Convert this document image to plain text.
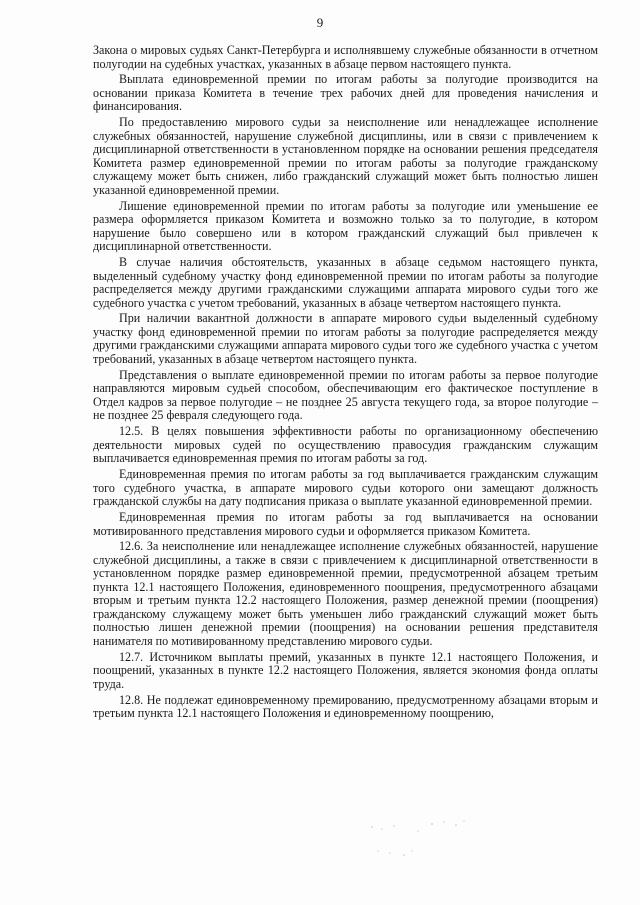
9

Закона о мировых судьях Санкт-Петербурга и исполнявшему служебные обязанности в отчетном полугодии на судебных участках, указанных в абзаце первом настоящего пункта.

Выплата единовременной премии по итогам работы за полугодие производится на основании приказа Комитета в течение трех рабочих дней для проведения начисления и финансирования.

По предоставлению мирового судьи за неисполнение или ненадлежащее исполнение служебных обязанностей, нарушение служебной дисциплины, или в связи с привлечением к дисциплинарной ответственности в установленном порядке на основании решения председателя Комитета размер единовременной премии по итогам работы за полугодие гражданскому служащему может быть снижен, либо гражданский служащий может быть полностью лишен указанной единовременной премии.

Лишение единовременной премии по итогам работы за полугодие или уменьшение ее размера оформляется приказом Комитета и возможно только за то полугодие, в котором нарушение было совершено или в котором гражданский служащий был привлечен к дисциплинарной ответственности.

В случае наличия обстоятельств, указанных в абзаце седьмом настоящего пункта, выделенный судебному участку фонд единовременной премии по итогам работы за полугодие распределяется между другими гражданскими служащими аппарата мирового судьи того же судебного участка с учетом требований, указанных в абзаце четвертом настоящего пункта.

При наличии вакантной должности в аппарате мирового судьи выделенный судебному участку фонд единовременной премии по итогам работы за полугодие распределяется между другими гражданскими служащими аппарата мирового судьи того же судебного участка с учетом требований, указанных в абзаце четвертом настоящего пункта.

Представления о выплате единовременной премии по итогам работы за первое полугодие направляются мировым судьей способом, обеспечивающим его фактическое поступление в Отдел кадров за первое полугодие – не позднее 25 августа текущего года, за второе полугодие – не позднее 25 февраля следующего года.

12.5. В целях повышения эффективности работы по организационному обеспечению деятельности мировых судей по осуществлению правосудия гражданским служащим выплачивается единовременная премия по итогам работы за год.

Единовременная премия по итогам работы за год выплачивается гражданским служащим того судебного участка, в аппарате мирового судьи которого они замещают должность гражданской службы на дату подписания приказа о выплате указанной единовременной премии.

Единовременная премия по итогам работы за год выплачивается на основании мотивированного представления мирового судьи и оформляется приказом Комитета.

12.6. За неисполнение или ненадлежащее исполнение служебных обязанностей, нарушение служебной дисциплины, а также в связи с привлечением к дисциплинарной ответственности в установленном порядке размер единовременной премии, предусмотренной абзацем третьим пункта 12.1 настоящего Положения, единовременного поощрения, предусмотренного абзацами вторым и третьим пункта 12.2 настоящего Положения, размер денежной премии (поощрения) гражданскому служащему может быть уменьшен либо гражданский служащий может быть полностью лишен денежной премии (поощрения) на основании решения представителя нанимателя по мотивированному представлению мирового судьи.

12.7. Источником выплаты премий, указанных в пункте 12.1 настоящего Положения, и поощрений, указанных в пункте 12.2 настоящего Положения, является экономия фонда оплаты труда.

12.8. Не подлежат единовременному премированию, предусмотренному абзацами вторым и третьим пункта 12.1 настоящего Положения и единовременному поощрению,
